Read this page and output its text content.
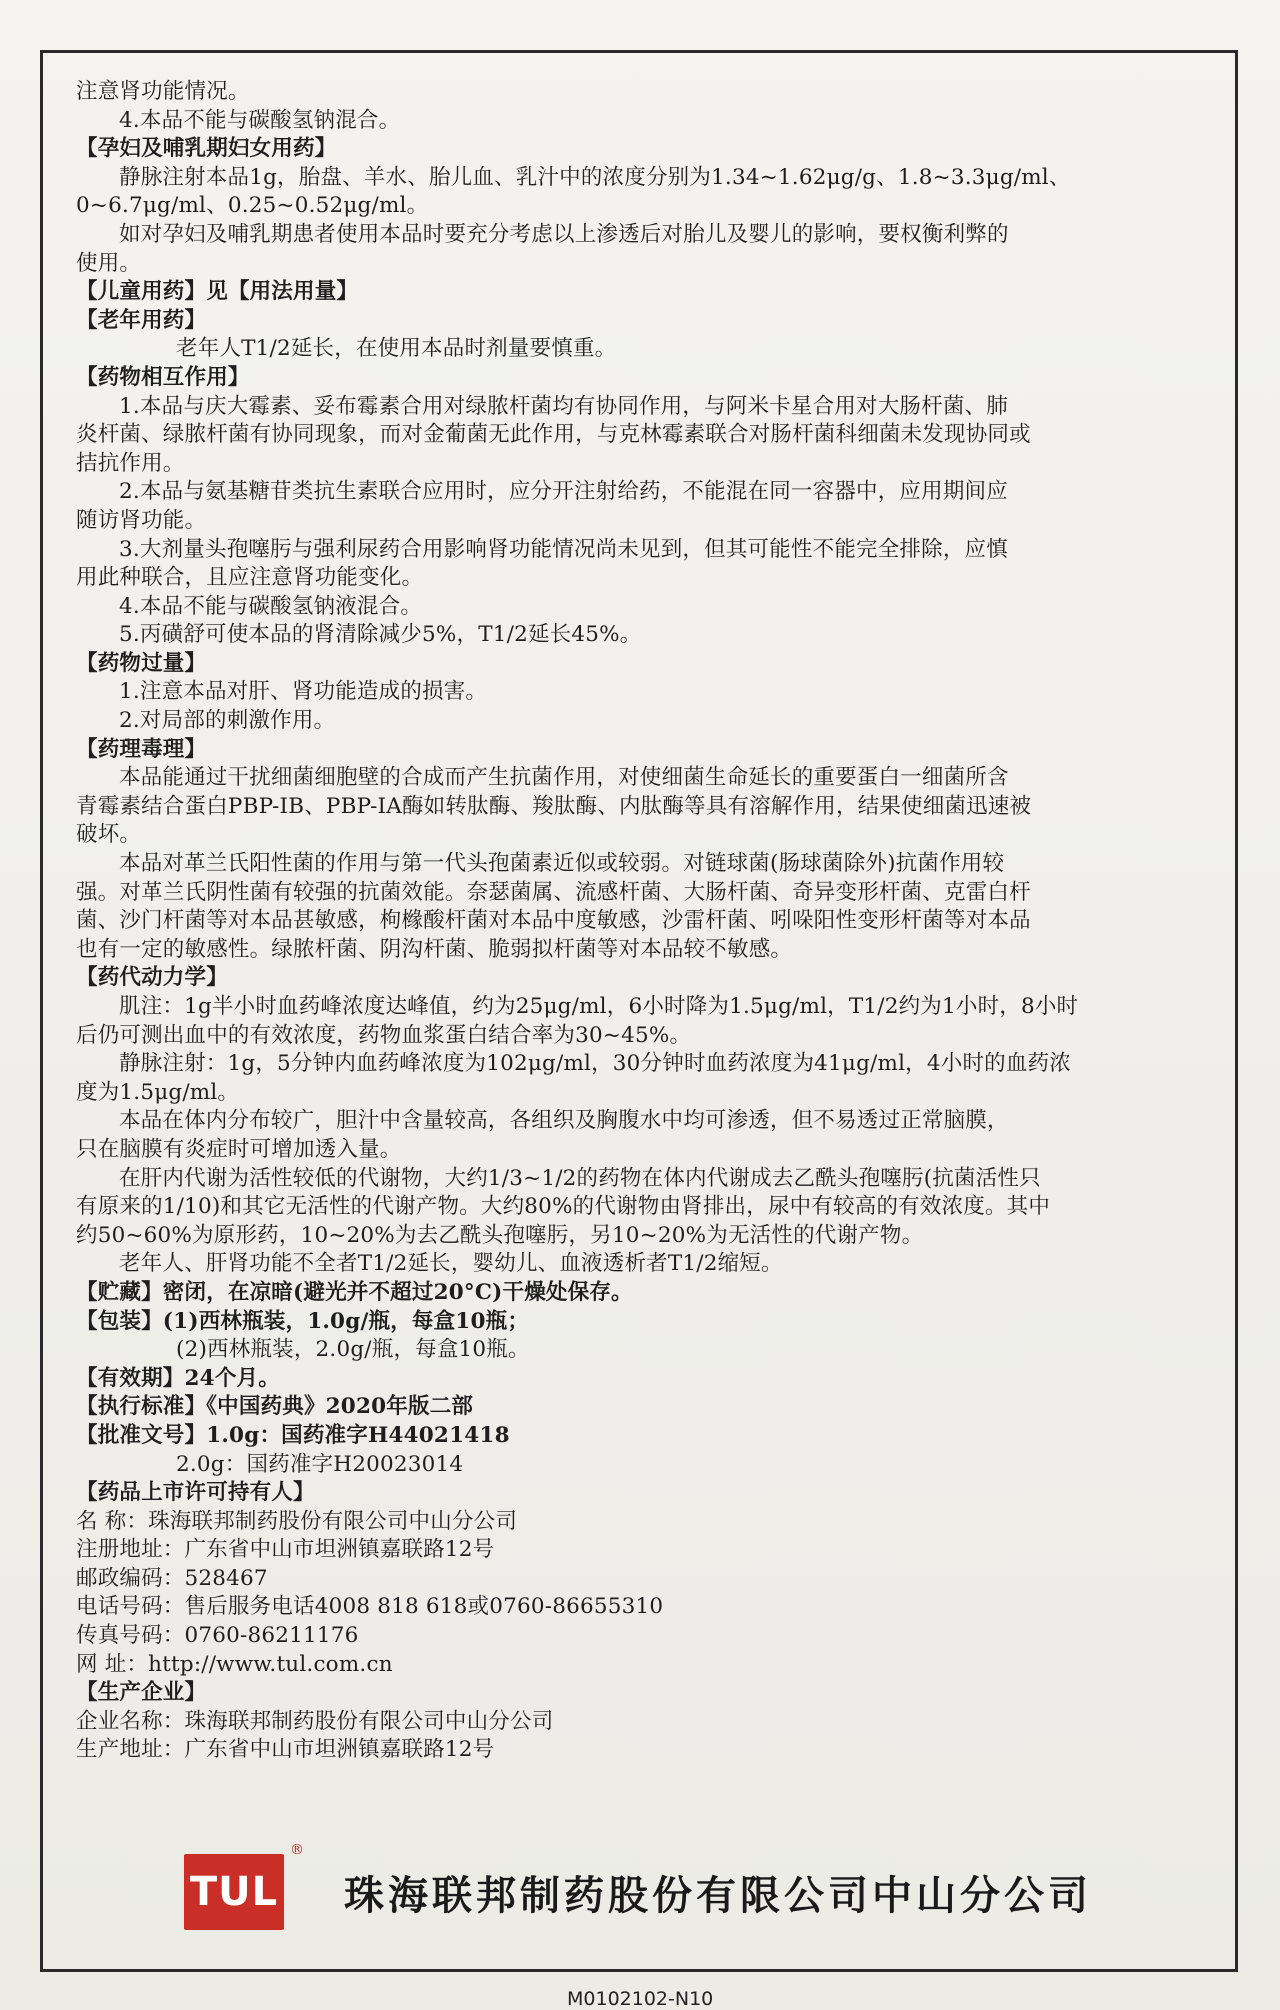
注意肾功能情况。
4.本品不能与碳酸氢钠混合。
【孕妇及哺乳期妇女用药】
静脉注射本品1g，胎盘、羊水、胎儿血、乳汁中的浓度分别为1.34~1.62μg/g、1.8~3.3μg/ml、
0~6.7μg/ml、0.25~0.52μg/ml。
如对孕妇及哺乳期患者使用本品时要充分考虑以上渗透后对胎儿及婴儿的影响，要权衡利弊的
使用。
【儿童用药】见【用法用量】
【老年用药】
老年人T1/2延长，在使用本品时剂量要慎重。
【药物相互作用】
1.本品与庆大霉素、妥布霉素合用对绿脓杆菌均有协同作用，与阿米卡星合用对大肠杆菌、肺
炎杆菌、绿脓杆菌有协同现象，而对金葡菌无此作用，与克林霉素联合对肠杆菌科细菌未发现协同或
拮抗作用。
2.本品与氨基糖苷类抗生素联合应用时，应分开注射给药，不能混在同一容器中，应用期间应
随访肾功能。
3.大剂量头孢噻肟与强利尿药合用影响肾功能情况尚未见到，但其可能性不能完全排除，应慎
用此种联合，且应注意肾功能变化。
4.本品不能与碳酸氢钠液混合。
5.丙磺舒可使本品的肾清除减少5%，T1/2延长45%。
【药物过量】
1.注意本品对肝、肾功能造成的损害。
2.对局部的刺激作用。
【药理毒理】
本品能通过干扰细菌细胞壁的合成而产生抗菌作用，对使细菌生命延长的重要蛋白一细菌所含
青霉素结合蛋白PBP-IB、PBP-IA酶如转肽酶、羧肽酶、内肽酶等具有溶解作用，结果使细菌迅速被
破坏。
本品对革兰氏阳性菌的作用与第一代头孢菌素近似或较弱。对链球菌(肠球菌除外)抗菌作用较
强。对革兰氏阴性菌有较强的抗菌效能。奈瑟菌属、流感杆菌、大肠杆菌、奇异变形杆菌、克雷白杆
菌、沙门杆菌等对本品甚敏感，枸橼酸杆菌对本品中度敏感，沙雷杆菌、吲哚阳性变形杆菌等对本品
也有一定的敏感性。绿脓杆菌、阴沟杆菌、脆弱拟杆菌等对本品较不敏感。
【药代动力学】
肌注：1g半小时血药峰浓度达峰值，约为25μg/ml，6小时降为1.5μg/ml，T1/2约为1小时，8小时
后仍可测出血中的有效浓度，药物血浆蛋白结合率为30~45%。
静脉注射：1g，5分钟内血药峰浓度为102μg/ml，30分钟时血药浓度为41μg/ml，4小时的血药浓
度为1.5μg/ml。
本品在体内分布较广，胆汁中含量较高，各组织及胸腹水中均可渗透，但不易透过正常脑膜，
只在脑膜有炎症时可增加透入量。
在肝内代谢为活性较低的代谢物，大约1/3~1/2的药物在体内代谢成去乙酰头孢噻肟(抗菌活性只
有原来的1/10)和其它无活性的代谢产物。大约80%的代谢物由肾排出，尿中有较高的有效浓度。其中
约50~60%为原形药，10~20%为去乙酰头孢噻肟，另10~20%为无活性的代谢产物。
老年人、肝肾功能不全者T1/2延长，婴幼儿、血液透析者T1/2缩短。
【贮藏】密闭，在凉暗(避光并不超过20°C)干燥处保存。
【包装】(1)西林瓶装，1.0g/瓶，每盒10瓶；
(2)西林瓶装，2.0g/瓶，每盒10瓶。
【有效期】24个月。
【执行标准】《中国药典》2020年版二部
【批准文号】1.0g：国药准字H44021418
2.0g：国药准字H20023014
【药品上市许可持有人】
名 称：珠海联邦制药股份有限公司中山分公司
注册地址：广东省中山市坦洲镇嘉联路12号
邮政编码：528467
电话号码：售后服务电话4008 818 618或0760-86655310
传真号码：0760-86211176
网 址：http://www.tul.com.cn
【生产企业】
企业名称：珠海联邦制药股份有限公司中山分公司
生产地址：广东省中山市坦洲镇嘉联路12号
TUL
®
珠海联邦制药股份有限公司中山分公司
M0102102-N10
